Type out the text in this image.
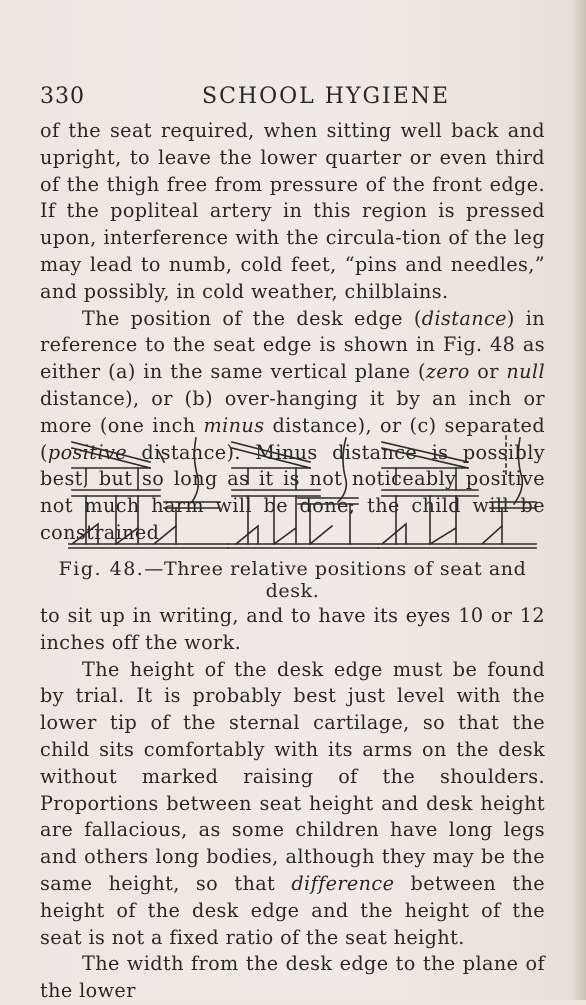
330	SCHOOL HYGIENE

of the seat required, when sitting well back and upright, to leave the lower quarter or even third of the thigh free from pressure of the front edge. If the popliteal artery in this region is pressed upon, interference with the circula-tion of the leg may lead to numb, cold feet, “pins and needles,” and possibly, in cold weather, chilblains.

The position of the desk edge (distance) in reference to the seat edge is shown in Fig. 48 as either (a) in the same vertical plane (zero or null distance), or (b) over-hanging it by an inch or more (one inch minus distance), or (c) separated (positive distance). Minus distance is possibly best, but so long as it is not noticeably positive not much harm will be done; the child will be constrained

Fig. 48.—Three relative positions of seat and desk.

to sit up in writing, and to have its eyes 10 or 12 inches off the work.

The height of the desk edge must be found by trial. It is probably best just level with the lower tip of the sternal cartilage, so that the child sits comfortably with its arms on the desk without marked raising of the shoulders. Proportions between seat height and desk height are fallacious, as some children have long legs and others long bodies, although they may be the same height, so that difference between the height of the desk edge and the height of the seat is not a fixed ratio of the seat height.

The width from the desk edge to the plane of the lower
